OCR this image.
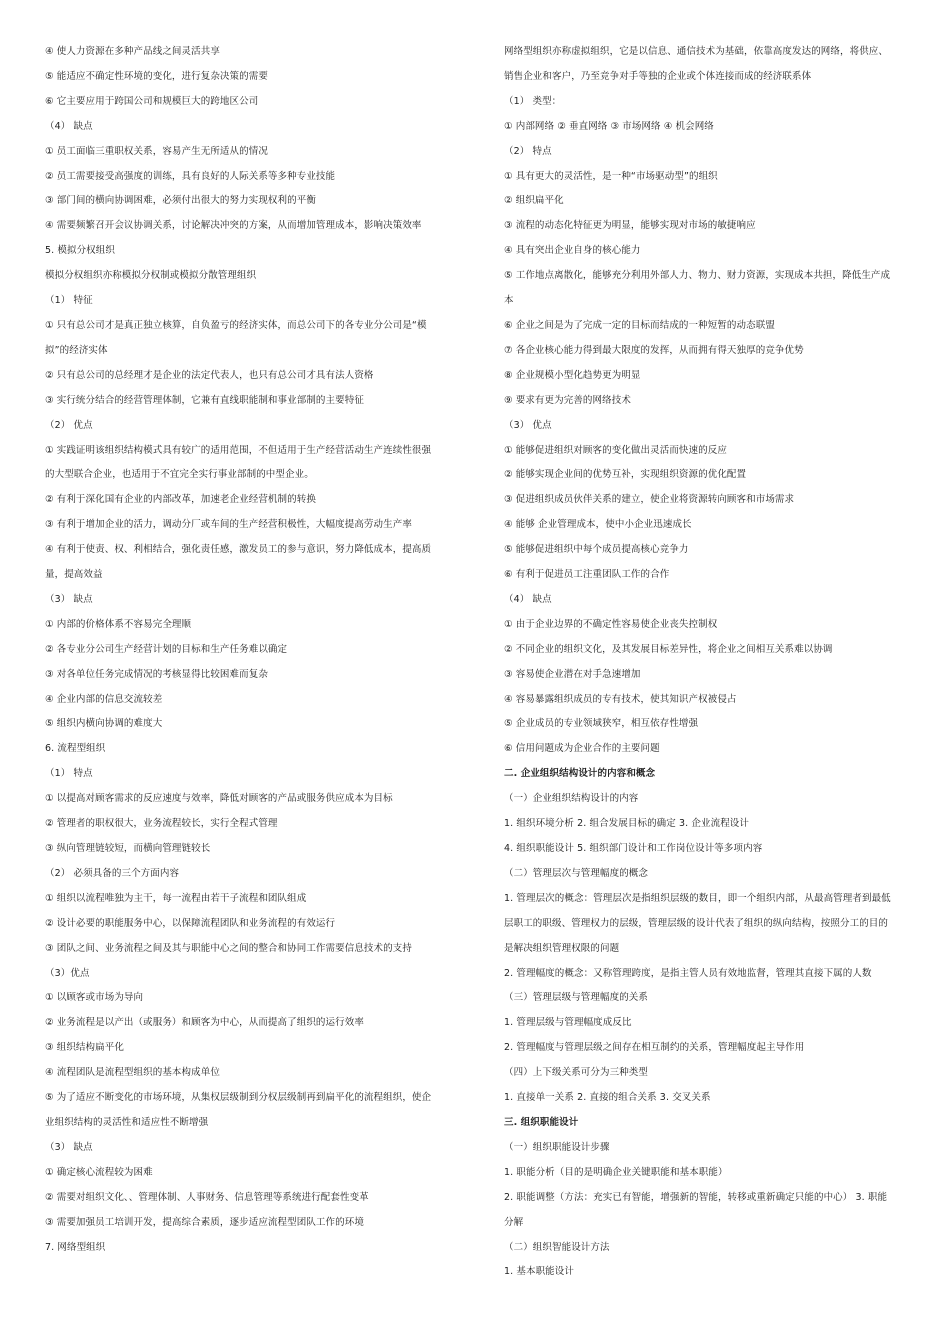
④ 使人力资源在多种产品线之间灵活共享
⑤ 能适应不确定性环境的变化，进行复杂决策的需要
⑥ 它主要应用于跨国公司和规模巨大的跨地区公司
（4） 缺点
① 员工面临三重职权关系，容易产生无所适从的情况
② 员工需要接受高强度的训练，具有良好的人际关系等多种专业技能
③ 部门间的横向协调困难，必须付出很大的努力实现权利的平衡
④ 需要频繁召开会议协调关系，讨论解决冲突的方案，从而增加管理成本，影响决策效率
5. 模拟分权组织
模拟分权组织亦称模拟分权制或模拟分散管理组织
（1） 特征
① 只有总公司才是真正独立核算，自负盈亏的经济实体，而总公司下的各专业分公司是“模
拟”的经济实体
② 只有总公司的总经理才是企业的法定代表人，也只有总公司才具有法人资格
③ 实行统分结合的经营管理体制，它兼有直线职能制和事业部制的主要特征
（2） 优点
① 实践证明该组织结构模式具有较广的适用范围，不但适用于生产经营活动生产连续性很强
的大型联合企业，也适用于不宜完全实行事业部制的中型企业。
② 有利于深化国有企业的内部改革，加速老企业经营机制的转换
③ 有利于增加企业的活力，调动分厂或车间的生产经营积极性，大幅度提高劳动生产率
④ 有利于使责、权、利相结合，强化责任感，激发员工的参与意识，努力降低成本，提高质
量，提高效益
（3） 缺点
① 内部的价格体系不容易完全理顺
② 各专业分公司生产经营计划的目标和生产任务难以确定
③ 对各单位任务完成情况的考核显得比较困难而复杂
④ 企业内部的信息交流较差
⑤ 组织内横向协调的难度大
6. 流程型组织
（1） 特点
① 以提高对顾客需求的反应速度与效率，降低对顾客的产品或服务供应成本为目标
② 管理者的职权很大，业务流程较长，实行全程式管理
③ 纵向管理链较短，而横向管理链较长
（2） 必须具备的三个方面内容
① 组织以流程唯独为主干，每一流程由若干子流程和团队组成
② 设计必要的职能服务中心，以保障流程团队和业务流程的有效运行
③ 团队之间、业务流程之间及其与职能中心之间的整合和协同工作需要信息技术的支持
（3）优点
① 以顾客或市场为导向
② 业务流程是以产出（或服务）和顾客为中心，从而提高了组织的运行效率
③ 组织结构扁平化
④ 流程团队是流程型组织的基本构成单位
⑤ 为了适应不断变化的市场环境，从集权层级制到分权层级制再到扁平化的流程组织，使企
业组织结构的灵活性和适应性不断增强
（3） 缺点
① 确定核心流程较为困难
② 需要对组织文化、、管理体制、人事财务、信息管理等系统进行配套性变革
③ 需要加强员工培训开发，提高综合素质，逐步适应流程型团队工作的环境
7. 网络型组织
网络型组织亦称虚拟组织，它是以信息、通信技术为基础，依靠高度发达的网络，将供应、
销售企业和客户，乃至竞争对手等独的企业或个体连接而成的经济联系体
（1） 类型：
① 内部网络 ② 垂直网络 ③ 市场网络 ④ 机会网络
（2） 特点
① 具有更大的灵活性，是一种“市场驱动型”的组织
② 组织扁平化
③ 流程的动态化特征更为明显，能够实现对市场的敏捷响应
④ 具有突出企业自身的核心能力
⑤ 工作地点离散化，能够充分利用外部人力、物力、财力资源，实现成本共担，降低生产成
本
⑥ 企业之间是为了完成一定的目标而结成的一种短暂的动态联盟
⑦ 各企业核心能力得到最大限度的发挥，从而拥有得天独厚的竞争优势
⑧ 企业规模小型化趋势更为明显
⑨ 要求有更为完善的网络技术
（3） 优点
① 能够促进组织对顾客的变化做出灵活而快速的反应
② 能够实现企业间的优势互补，实现组织资源的优化配置
③ 促进组织成员伙伴关系的建立，使企业将资源转向顾客和市场需求
④ 能够 企业管理成本，使中小企业迅速成长
⑤ 能够促进组织中每个成员提高核心竞争力
⑥ 有利于促进员工注重团队工作的合作
（4） 缺点
① 由于企业边界的不确定性容易使企业丧失控制权
② 不同企业的组织文化，及其发展目标差异性，将企业之间相互关系难以协调
③ 容易使企业潜在对手急速增加
④ 容易暴露组织成员的专有技术，使其知识产权被侵占
⑤ 企业成员的专业领域狭窄，相互依存性增强
⑥ 信用问题成为企业合作的主要问题
二. 企业组织结构设计的内容和概念
（一）企业组织结构设计的内容
1. 组织环境分析 2. 组合发展目标的确定 3. 企业流程设计
4. 组织职能设计 5. 组织部门设计和工作岗位设计等多项内容
（二）管理层次与管理幅度的概念
1. 管理层次的概念：管理层次是指组织层级的数目，即一个组织内部，从最高管理者到最低
层职工的职级、管理权力的层级，管理层级的设计代表了组织的纵向结构，按照分工的目的
是解决组织管理权限的问题
2. 管理幅度的概念：又称管理跨度，是指主管人员有效地监督，管理其直接下属的人数
（三）管理层级与管理幅度的关系
1. 管理层级与管理幅度成反比
2. 管理幅度与管理层级之间存在相互制约的关系，管理幅度起主导作用
（四）上下级关系可分为三种类型
1. 直接单一关系 2. 直接的组合关系 3. 交叉关系
三. 组织职能设计
（一）组织职能设计步骤
1. 职能分析（目的是明确企业关键职能和基本职能）
2. 职能调整（方法：充实已有智能，增强新的智能，转移或重新确定只能的中心） 3. 职能
分解
（二）组织智能设计方法
1. 基本职能设计
